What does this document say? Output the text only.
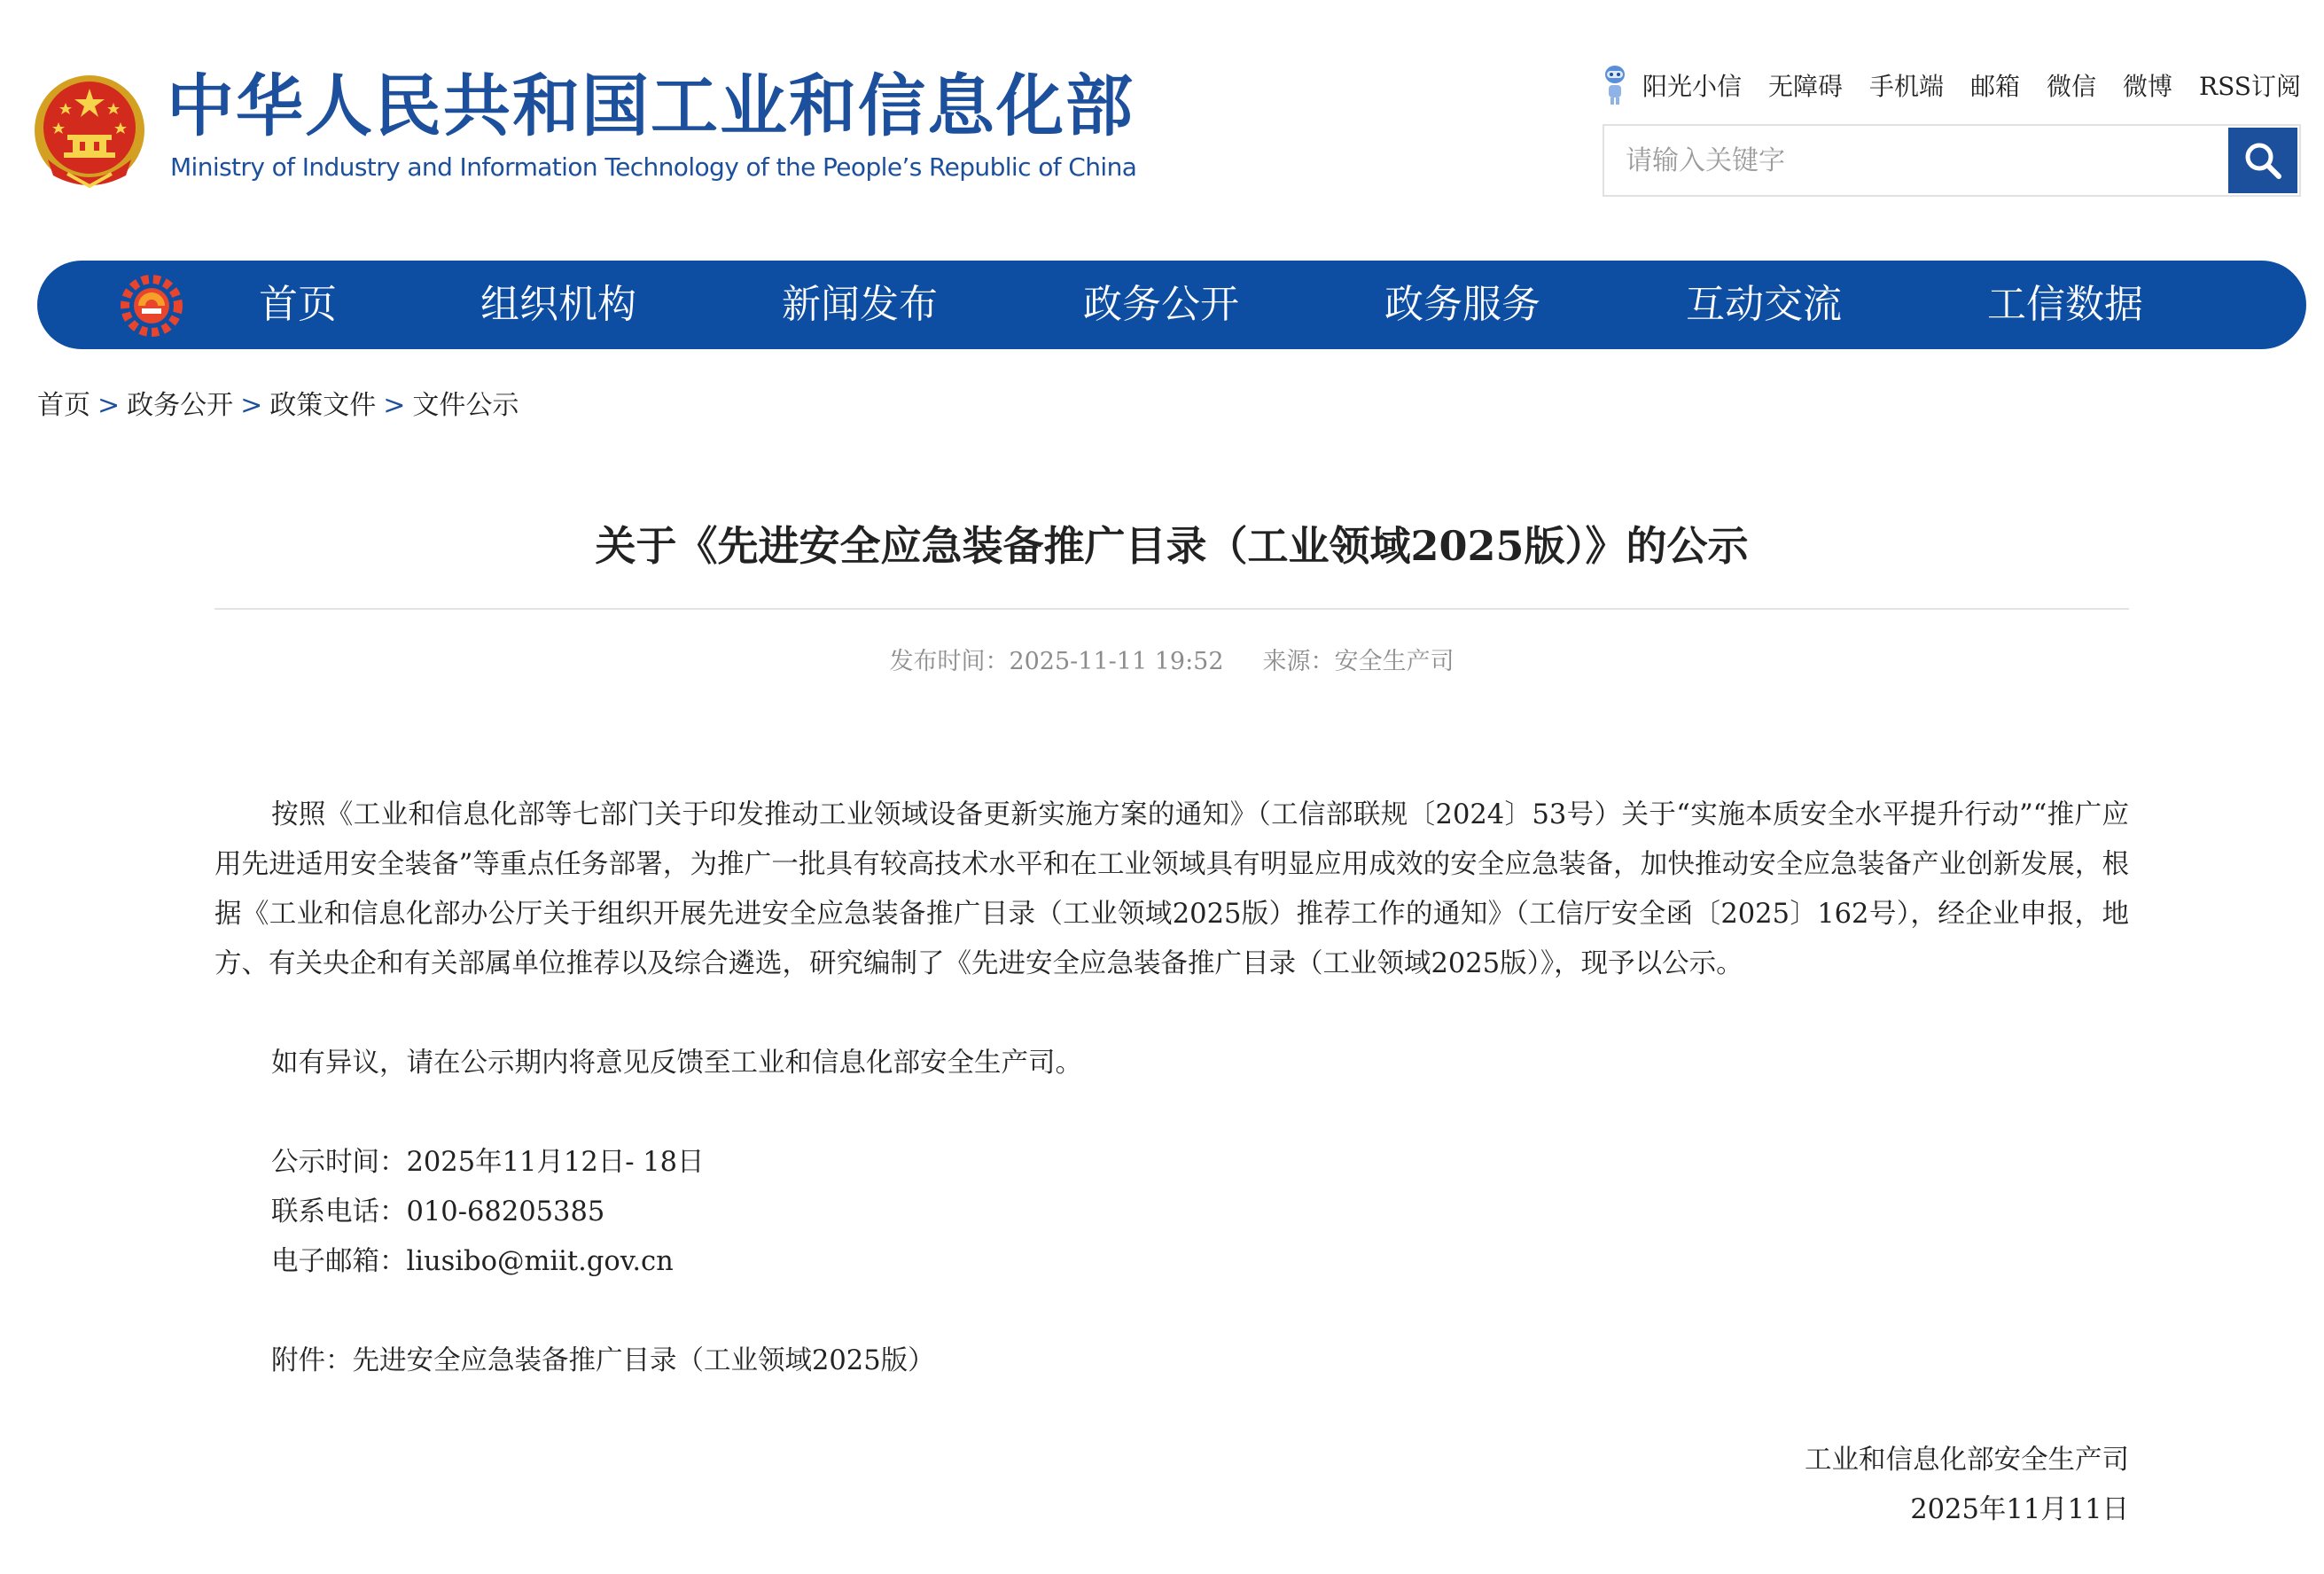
中华人民共和国工业和信息化部
Ministry of Industry and Information Technology of the People’s Republic of China
阳光小信 无障碍 手机端 邮箱 微信 微博 RSS订阅
请输入关键字
首页	组织机构	新闻发布	政务公开	政务服务	互动交流	工信数据
首页 > 政务公开 > 政策文件 > 文件公示
关于《先进安全应急装备推广目录（工业领域2025版）》的公示
发布时间：2025-11-11 19:52 来源：安全生产司

按照《工业和信息化部等七部门关于印发推动工业领域设备更新实施方案的通知》（工信部联规〔2024〕53号）关于“实施本质安全水平提升行动”“推广应用先进适用安全装备”等重点任务部署，为推广一批具有较高技术水平和在工业领域具有明显应用成效的安全应急装备，加快推动安全应急装备产业创新发展，根据《工业和信息化部办公厅关于组织开展先进安全应急装备推广目录（工业领域2025版）推荐工作的通知》（工信厅安全函〔2025〕162号），经企业申报，地方、有关央企和有关部属单位推荐以及综合遴选，研究编制了《先进安全应急装备推广目录（工业领域2025版）》，现予以公示。

如有异议，请在公示期内将意见反馈至工业和信息化部安全生产司。

公示时间：2025年11月12日- 18日

联系电话：010-68205385

电子邮箱：liusibo@miit.gov.cn

附件：先进安全应急装备推广目录（工业领域2025版）

工业和信息化部安全生产司
2025年11月11日
